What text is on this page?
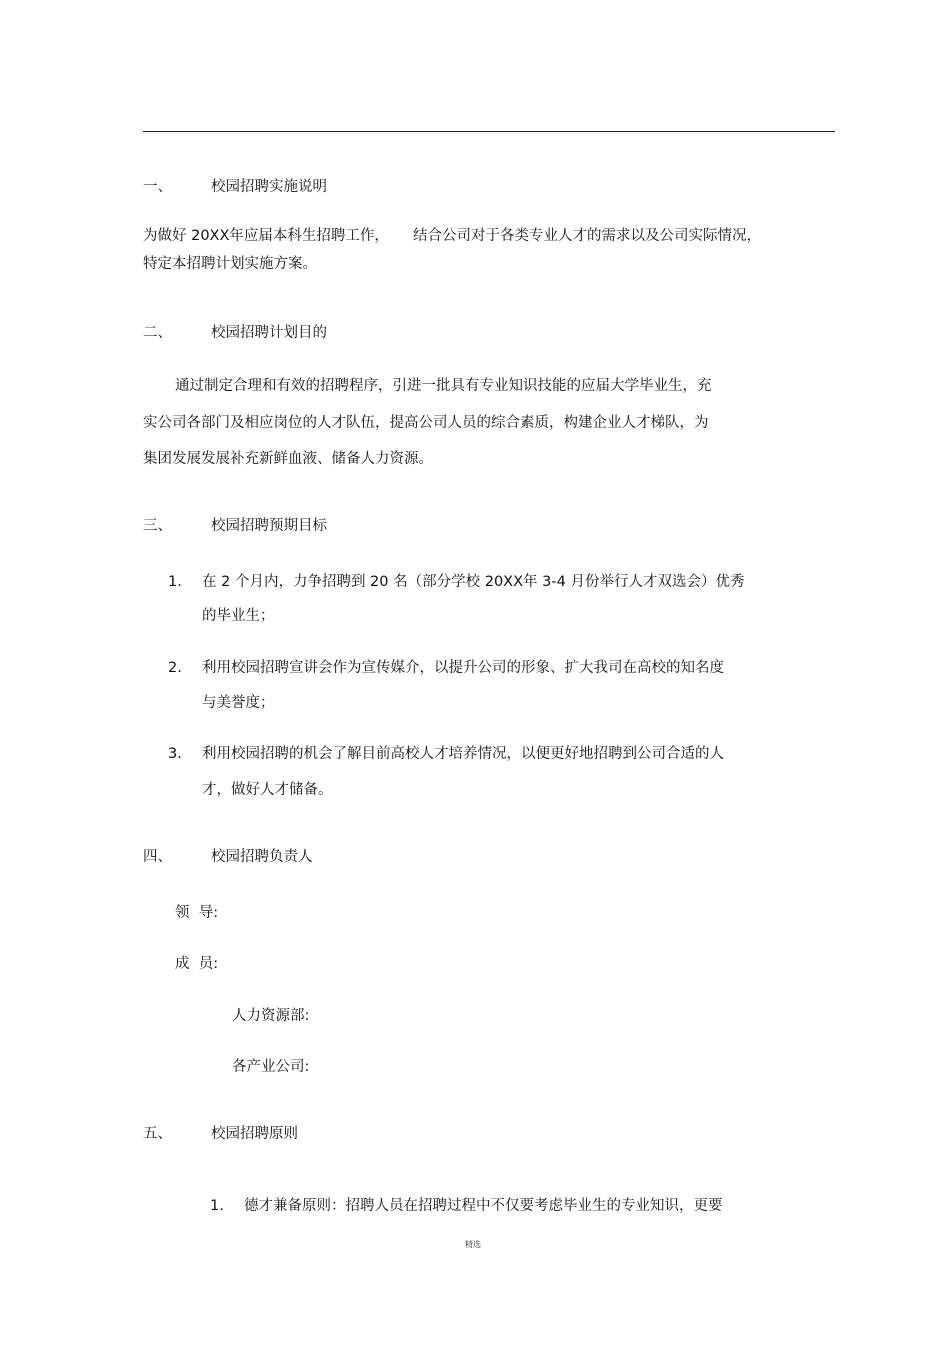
一、	校园招聘实施说明
为做好 20XX年应届本科生招聘工作， 结合公司对于各类专业人才的需求以及公司实际情况，
特定本招聘计划实施方案。
二、	校园招聘计划目的
通过制定合理和有效的招聘程序，引进一批具有专业知识技能的应届大学毕业生，充
实公司各部门及相应岗位的人才队伍，提高公司人员的综合素质，构建企业人才梯队，为
集团发展发展补充新鲜血液、储备人力资源。
三、	校园招聘预期目标
1. 在 2 个月内，力争招聘到 20 名（部分学校 20XX年 3-4 月份举行人才双选会）优秀
的毕业生；
2. 利用校园招聘宣讲会作为宣传媒介，以提升公司的形象、扩大我司在高校的知名度
与美誉度；
3. 利用校园招聘的机会了解目前高校人才培养情况，以便更好地招聘到公司合适的人
才，做好人才储备。
四、	校园招聘负责人
领  导:
成  员:
人力资源部:
各产业公司:
五、	校园招聘原则
1. 德才兼备原则：招聘人员在招聘过程中不仅要考虑毕业生的专业知识，更要
精选
